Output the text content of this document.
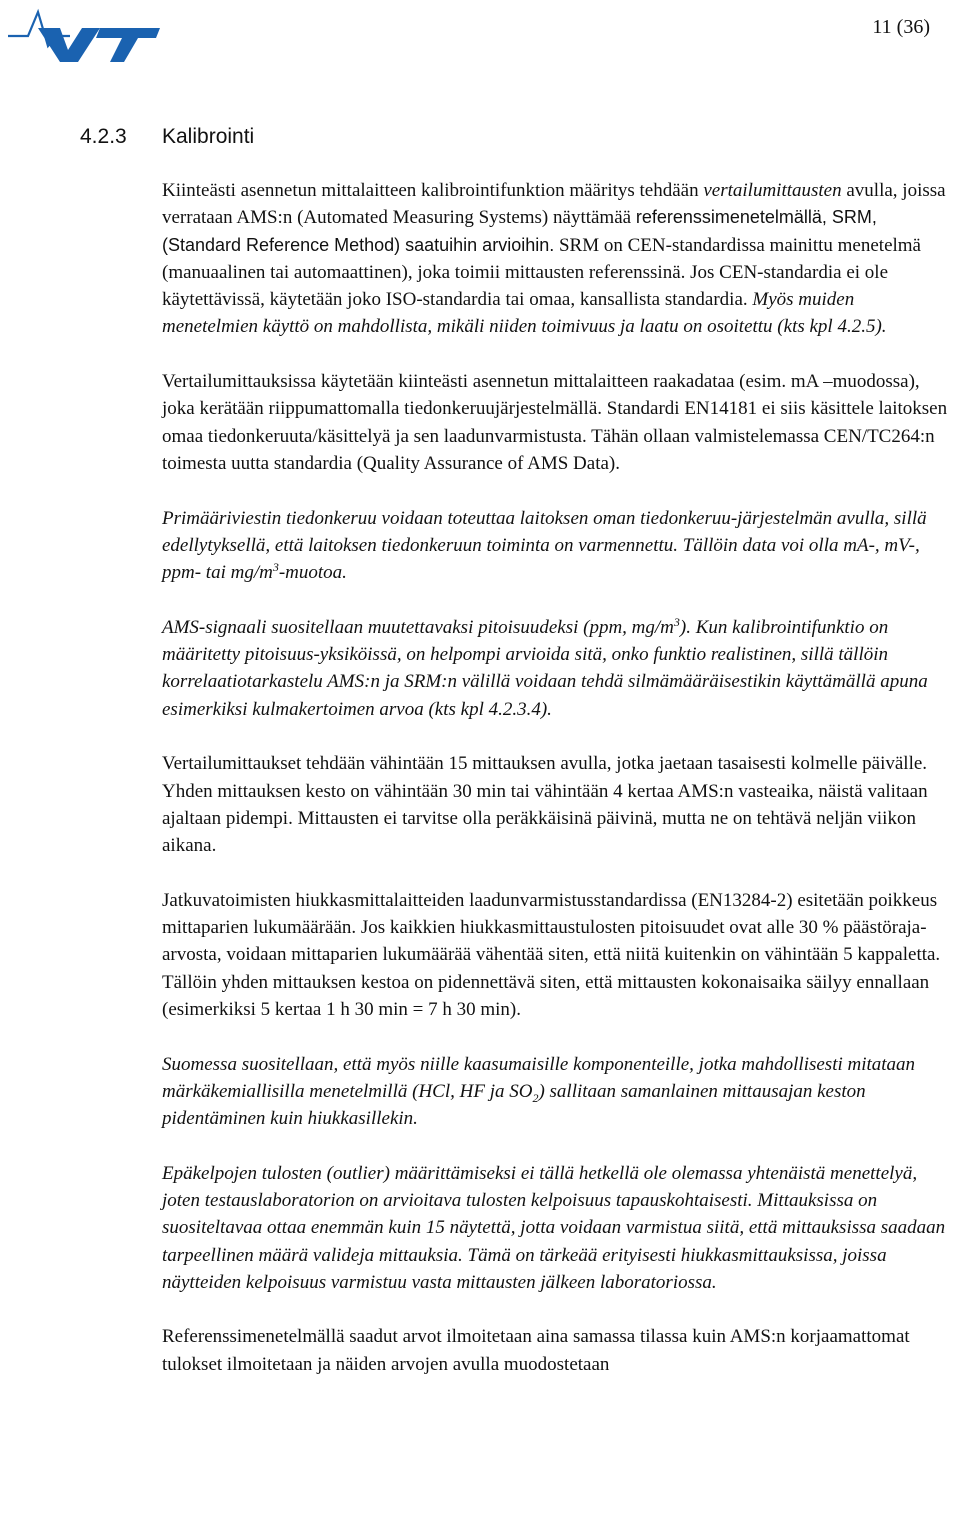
11 (36)
4.2.3	Kalibrointi

Kiinteästi asennetun mittalaitteen kalibrointifunktion määritys tehdään vertailumittausten avulla, joissa verrataan AMS:n (Automated Measuring Systems) näyttämää referenssimenetelmällä, SRM, (Standard Reference Method) saatuihin arvioihin. SRM on CEN-standardissa mainittu menetelmä (manuaalinen tai automaattinen), joka toimii mittausten referenssinä. Jos CEN-standardia ei ole käytettävissä, käytetään joko ISO-standardia tai omaa, kansallista standardia. Myös muiden menetelmien käyttö on mahdollista, mikäli niiden toimivuus ja laatu on osoitettu (kts kpl 4.2.5).

Vertailumittauksissa käytetään kiinteästi asennetun mittalaitteen raakadataa (esim. mA –muodossa), joka kerätään riippumattomalla tiedonkeruujärjestelmällä. Standardi EN14181 ei siis käsittele laitoksen omaa tiedonkeruuta/käsittelyä ja sen laadunvarmistusta. Tähän ollaan valmistelemassa CEN/TC264:n toimesta uutta standardia (Quality Assurance of AMS Data).

Primääriviestin tiedonkeruu voidaan toteuttaa laitoksen oman tiedonkeruu-järjestelmän avulla, sillä edellytyksellä, että laitoksen tiedonkeruun toiminta on varmennettu. Tällöin data voi olla mA-, mV-, ppm- tai $mg/m^3$-muotoa.

AMS-signaali suositellaan muutettavaksi pitoisuudeksi (ppm, $mg/m^3$). Kun kalibrointifunktio on määritetty pitoisuus-yksiköissä, on helpompi arvioida sitä, onko funktio realistinen, sillä tällöin korrelaatiotarkastelu AMS:n ja SRM:n välillä voidaan tehdä silmämääräisestikin käyttämällä apuna esimerkiksi kulmakertoimen arvoa (kts kpl 4.2.3.4).

Vertailumittaukset tehdään vähintään 15 mittauksen avulla, jotka jaetaan tasaisesti kolmelle päivälle. Yhden mittauksen kesto on vähintään 30 min tai vähintään 4 kertaa AMS:n vasteaika, näistä valitaan ajaltaan pidempi. Mittausten ei tarvitse olla peräkkäisinä päivinä, mutta ne on tehtävä neljän viikon aikana.

Jatkuvatoimisten hiukkasmittalaitteiden laadunvarmistusstandardissa (EN13284-2) esitetään poikkeus mittaparien lukumäärään. Jos kaikkien hiukkasmittaustulosten pitoisuudet ovat alle 30 % päästöraja-arvosta, voidaan mittaparien lukumäärää vähentää siten, että niitä kuitenkin on vähintään 5 kappaletta. Tällöin yhden mittauksen kestoa on pidennettävä siten, että mittausten kokonaisaika säilyy ennallaan (esimerkiksi 5 kertaa 1 h 30 min = 7 h 30 min).

Suomessa suositellaan, että myös niille kaasumaisille komponenteille, jotka mahdollisesti mitataan märkäkemiallisilla menetelmillä (HCl, HF ja $SO_2$) sallitaan samanlainen mittausajan keston pidentäminen kuin hiukkasillekin.

Epäkelpojen tulosten (outlier) määrittämiseksi ei tällä hetkellä ole olemassa yhtenäistä menettelyä, joten testauslaboratorion on arvioitava tulosten kelpoisuus tapauskohtaisesti. Mittauksissa on suositeltavaa ottaa enemmän kuin 15 näytettä, jotta voidaan varmistua siitä, että mittauksissa saadaan tarpeellinen määrä valideja mittauksia. Tämä on tärkeää erityisesti hiukkasmittauksissa, joissa näytteiden kelpoisuus varmistuu vasta mittausten jälkeen laboratoriossa.

Referenssimenetelmällä saadut arvot ilmoitetaan aina samassa tilassa kuin AMS:n korjaamattomat tulokset ilmoitetaan ja näiden arvojen avulla muodostetaan
